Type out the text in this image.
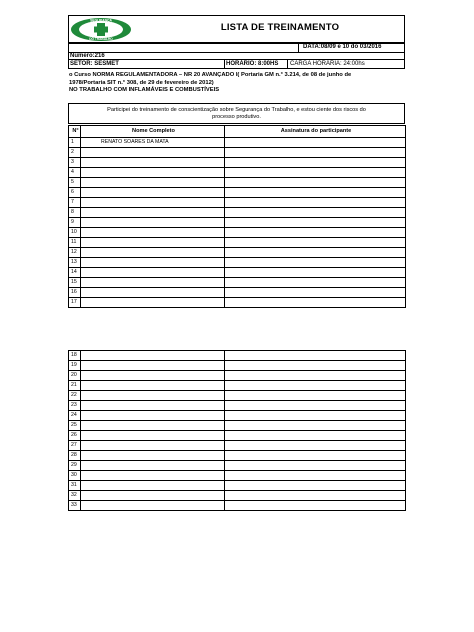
SEGURANÇA
DO TRABALHO
LISTA DE TREINAMENTO
DATA:08/09 e 10 do 03/2016
Numero:216
SETOR: SESMET	HORÁRIO: 8:00HS CARGA HORÁRIA: 24:00hs
o Curso NORMA REGULAMENTADORA – NR 20 AVANÇADO I( Portaria GM n.° 3.214, de 08 de junho de
1978/Portaria SIT n.° 308, de 29 de fevereiro de 2012)
NO TRABALHO COM INFLAMÁVEIS E COMBUSTÍVEIS
Participei do treinamento de conscientização sobre Segurança do Trabalho, e estou ciente dos riscos do
processo produtivo.
N°	Nome Completo	Assinatura do participante
1	RENATO SOARES DA MATA	
2		
3		
4		
5		
6		
7		
8		
9		
10		
11		
12		
13		
14		
15		
16		
17		
18		
19		
20		
21		
22		
23		
24		
25		
26		
27		
28		
29		
30		
31		
32		
33		
